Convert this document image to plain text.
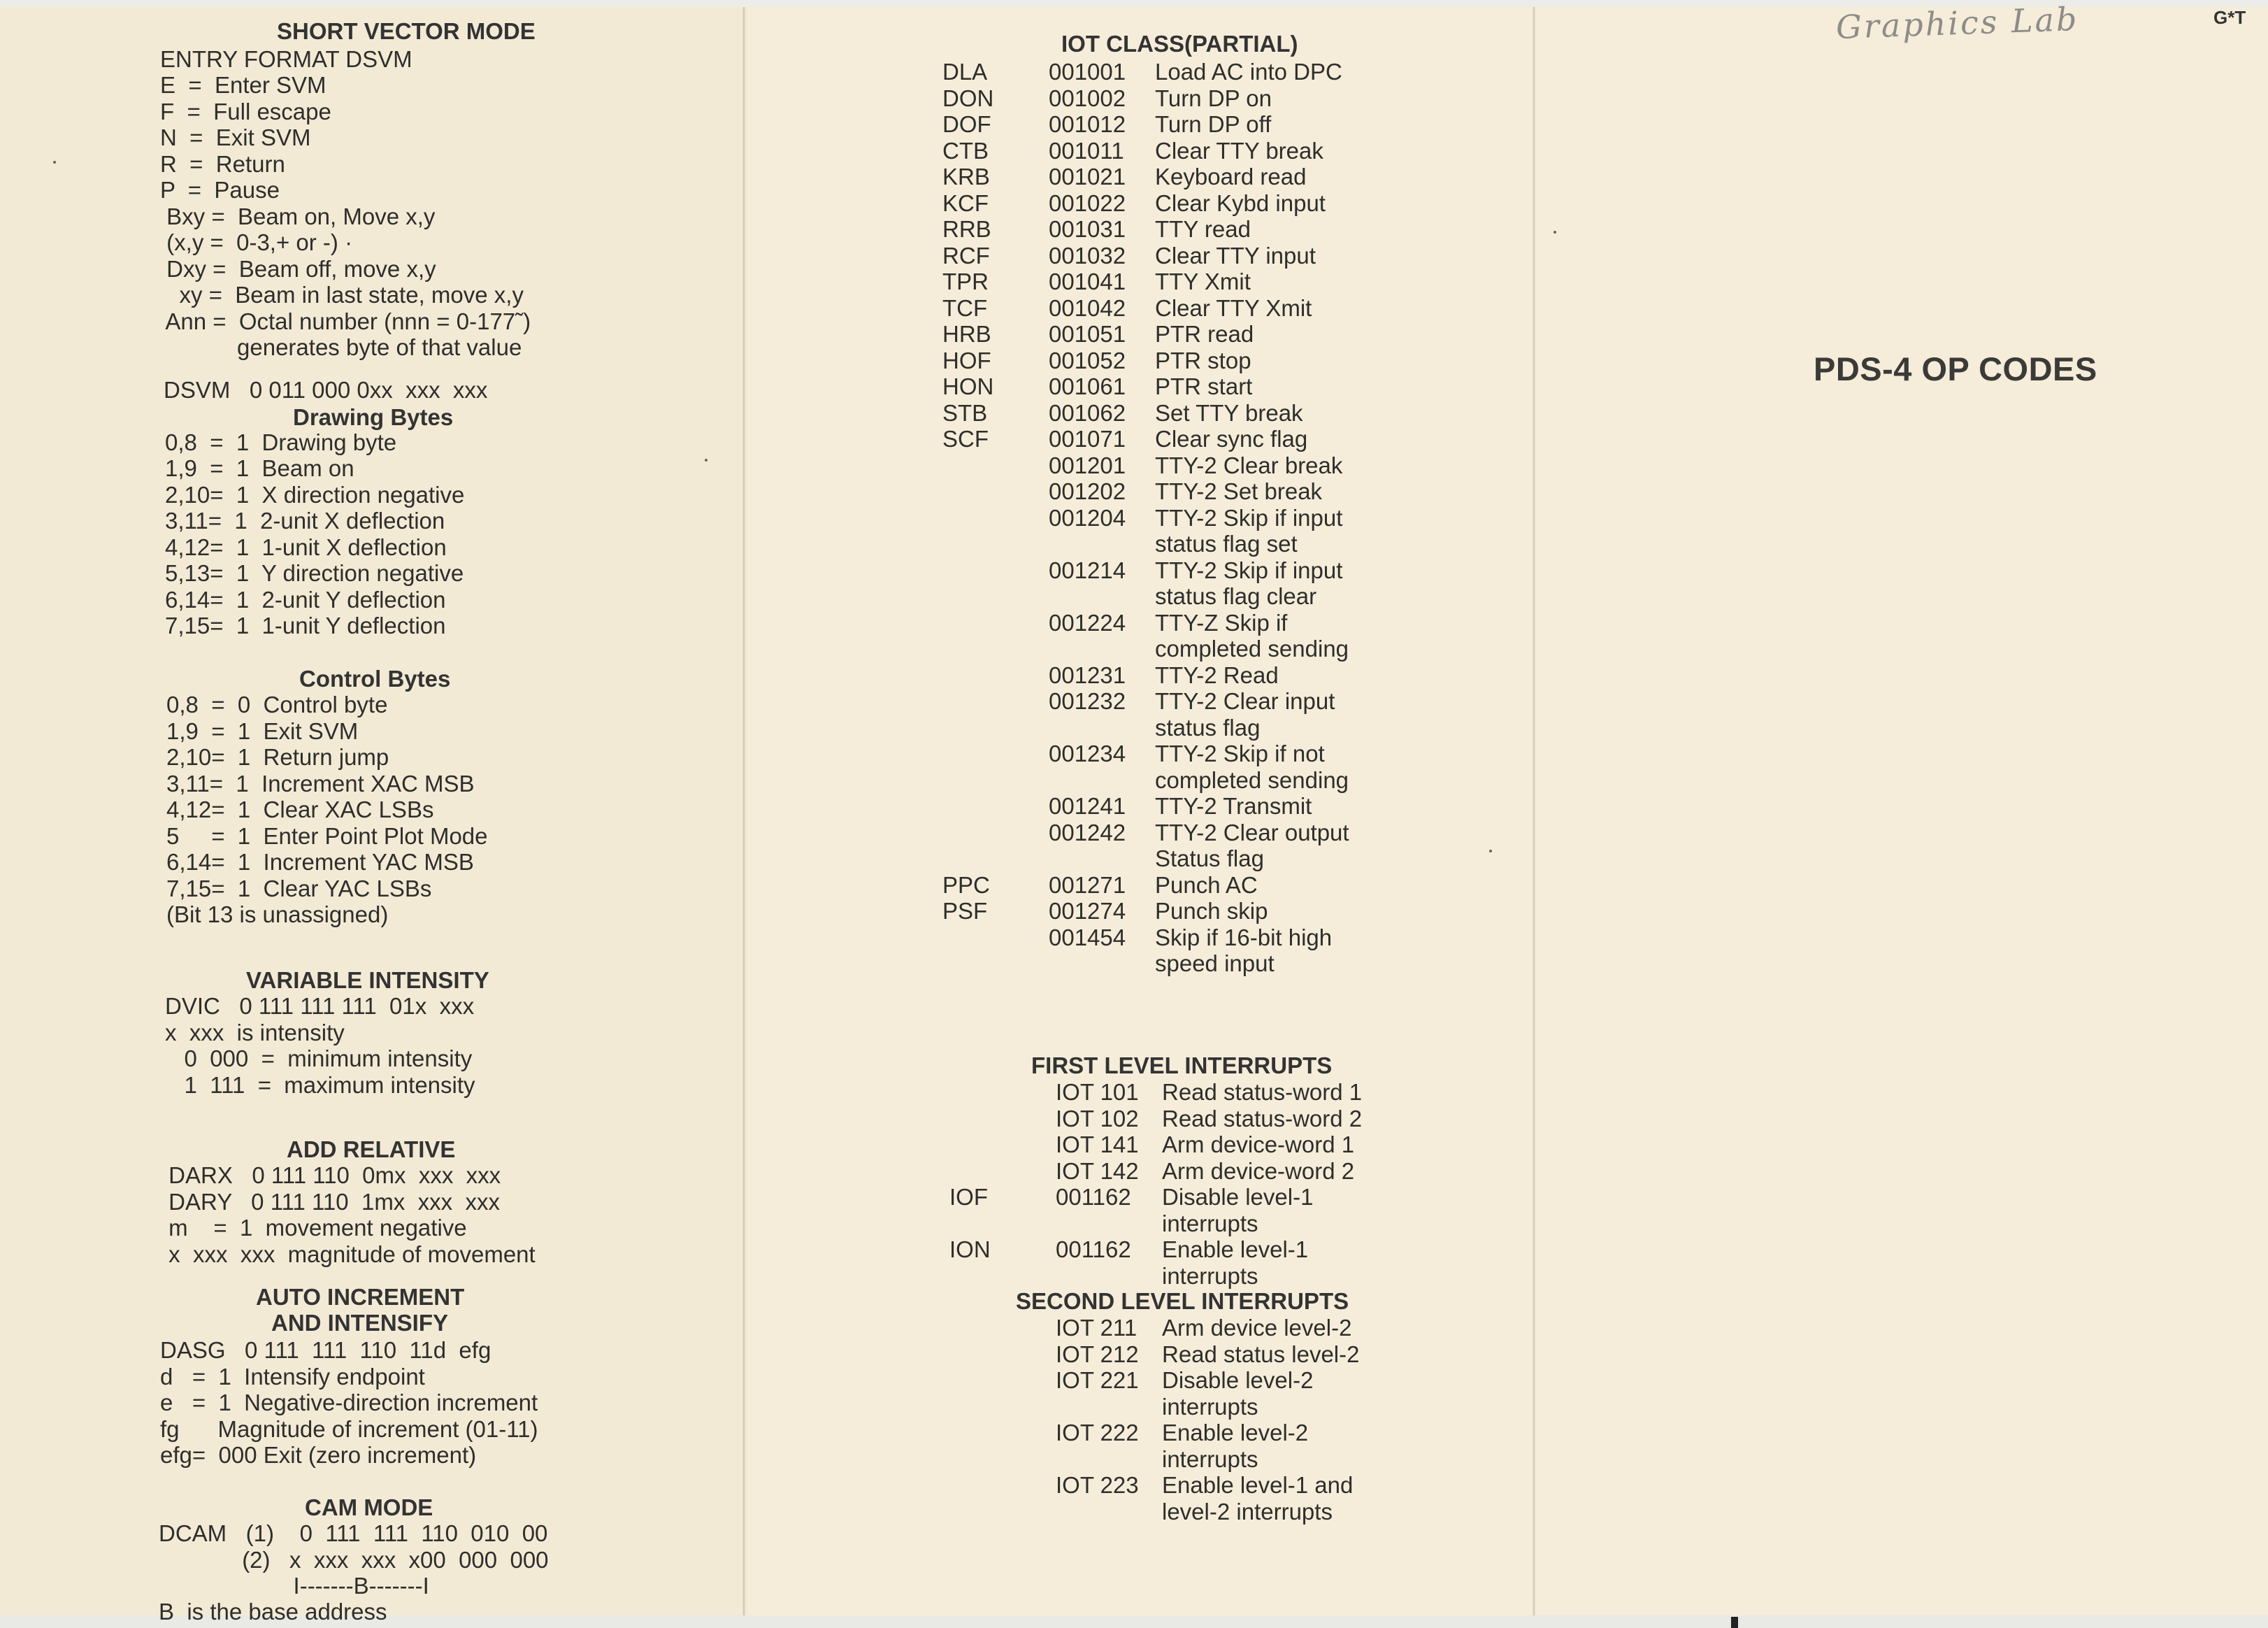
SHORT VECTOR MODE
ENTRY FORMAT DSVM
E  =  Enter SVM
F  =  Full escape
N  =  Exit SVM
R  =  Return
P  =  Pause
Bxy =  Beam on, Move x,y
(x,y =  0-3,+ or -) ·
Dxy =  Beam off, move x,y
xy =  Beam in last state, move x,y
Ann =  Octal number (nnn = 0-177˜)
generates byte of that value
DSVM   0 011 000 0xx  xxx  xxx
Drawing Bytes
0,8  =  1  Drawing byte
1,9  =  1  Beam on
2,10=  1  X direction negative
3,11=  1  2-unit X deflection
4,12=  1  1-unit X deflection
5,13=  1  Y direction negative
6,14=  1  2-unit Y deflection
7,15=  1  1-unit Y deflection
Control Bytes
0,8  =  0  Control byte
1,9  =  1  Exit SVM
2,10=  1  Return jump
3,11=  1  Increment XAC MSB
4,12=  1  Clear XAC LSBs
5     =  1  Enter Point Plot Mode
6,14=  1  Increment YAC MSB
7,15=  1  Clear YAC LSBs
(Bit 13 is unassigned)
VARIABLE INTENSITY
DVIC   0 111 111 111  01x  xxx
x  xxx  is intensity
0  000  =  minimum intensity
1  111  =  maximum intensity
ADD RELATIVE
DARX   0 111 110  0mx  xxx  xxx
DARY   0 111 110  1mx  xxx  xxx
m    =  1  movement negative
x  xxx  xxx  magnitude of movement
AUTO INCREMENT
AND INTENSIFY
DASG   0 111  111  110  11d  efg
d   =  1  Intensify endpoint
e   =  1  Negative-direction increment
fg      Magnitude of increment (01-11)
efg=  000 Exit (zero increment)
CAM MODE
DCAM   (1)    0  111  111  110  010  00
(2)   x  xxx  xxx  x00  000  000
I-------B-------I
B  is the base address
IOT CLASS(PARTIAL)
DLA	001001 Load AC into DPC
DON 001002 Turn DP on
DOF 001012 Turn DP off
CTB	001011 Clear TTY break
KRB	001021 Keyboard read
KCF	001022 Clear Kybd input
RRB 001031 TTY read
RCF	001032 Clear TTY input
TPR	001041 TTY Xmit
TCF	001042 Clear TTY Xmit
HRB 001051 PTR read
HOF 001052 PTR stop
HON 001061 PTR start
STB	001062 Set TTY break
SCF	001071 Clear sync flag
001201 TTY-2 Clear break
001202 TTY-2 Set break
001204 TTY-2 Skip if input
status flag set
001214 TTY-2 Skip if input
status flag clear
001224 TTY-Z Skip if
completed sending
001231 TTY-2 Read
001232 TTY-2 Clear input
status flag
001234 TTY-2 Skip if not
completed sending
001241 TTY-2 Transmit
001242 TTY-2 Clear output
Status flag
PPC	001271 Punch AC
PSF	001274 Punch skip
001454 Skip if 16-bit high
speed input
FIRST LEVEL INTERRUPTS
IOT 101 Read status-word 1
IOT 102 Read status-word 2
IOT 141 Arm device-word 1
IOT 142 Arm device-word 2
IOF	001162 Disable level-1
interrupts
ION	001162 Enable level-1
interrupts
SECOND LEVEL INTERRUPTS
IOT 211 Arm device level-2
IOT 212 Read status level-2
IOT 221 Disable level-2
interrupts
IOT 222 Enable level-2
interrupts
IOT 223 Enable level-1 and
level-2 interrupts
Graphics Lab	G*T
PDS-4 OP CODES
